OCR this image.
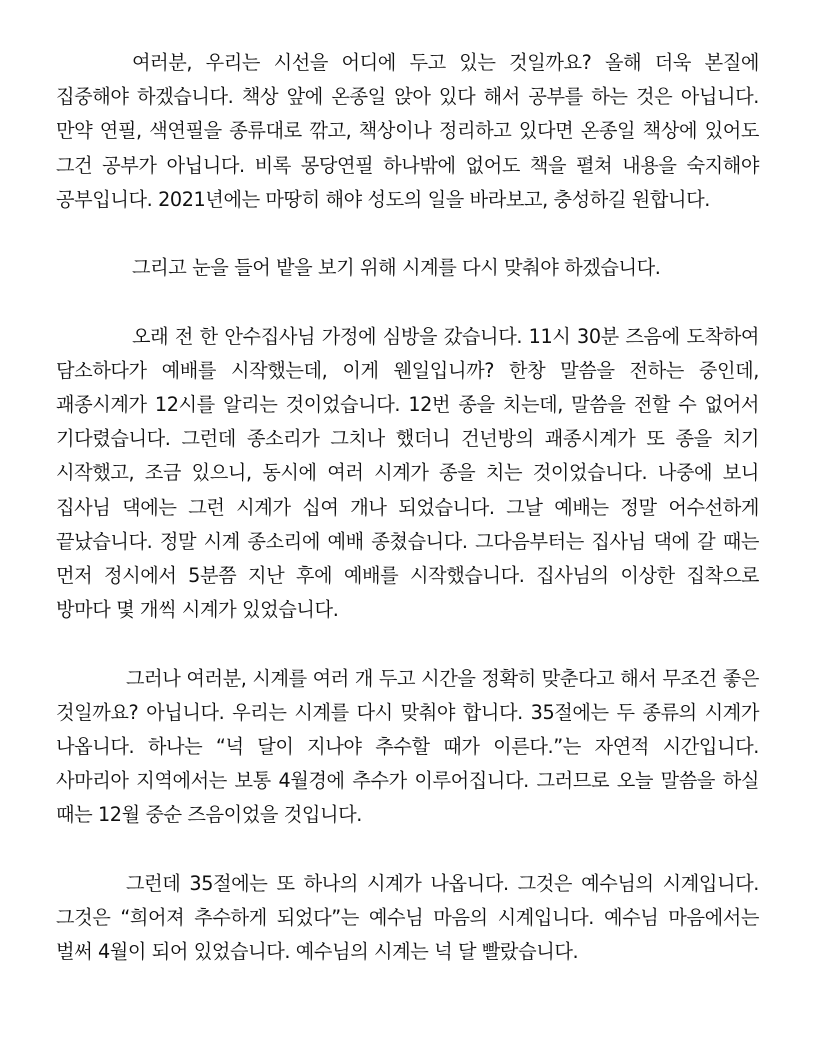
여러분, 우리는 시선을 어디에 두고 있는 것일까요? 올해 더욱 본질에 집중해야 하겠습니다. 책상 앞에 온종일 앉아 있다 해서 공부를 하는 것은 아닙니다. 만약 연필, 색연필을 종류대로 깎고, 책상이나 정리하고 있다면 온종일 책상에 있어도 그건 공부가 아닙니다. 비록 몽당연필 하나밖에 없어도 책을 펼쳐 내용을 숙지해야 공부입니다. 2021년에는 마땅히 해야 성도의 일을 바라보고, 충성하길 원합니다.

그리고 눈을 들어 밭을 보기 위해 시계를 다시 맞춰야 하겠습니다.

오래 전 한 안수집사님 가정에 심방을 갔습니다. 11시 30분 즈음에 도착하여 담소하다가 예배를 시작했는데, 이게 웬일입니까? 한창 말씀을 전하는 중인데, 괘종시계가 12시를 알리는 것이었습니다. 12번 종을 치는데, 말씀을 전할 수 없어서 기다렸습니다. 그런데 종소리가 그치나 했더니 건넌방의 괘종시계가 또 종을 치기 시작했고, 조금 있으니, 동시에 여러 시계가 종을 치는 것이었습니다. 나중에 보니 집사님 댁에는 그런 시계가 십여 개나 되었습니다. 그날 예배는 정말 어수선하게 끝났습니다. 정말 시계 종소리에 예배 종쳤습니다. 그다음부터는 집사님 댁에 갈 때는 먼저 정시에서 5분쯤 지난 후에 예배를 시작했습니다. 집사님의 이상한 집착으로 방마다 몇 개씩 시계가 있었습니다.

그러나 여러분, 시계를 여러 개 두고 시간을 정확히 맞춘다고 해서 무조건 좋은 것일까요? 아닙니다. 우리는 시계를 다시 맞춰야 합니다. 35절에는 두 종류의 시계가 나옵니다. 하나는 “넉 달이 지나야 추수할 때가 이른다.”는 자연적 시간입니다. 사마리아 지역에서는 보통 4월경에 추수가 이루어집니다. 그러므로 오늘 말씀을 하실 때는 12월 중순 즈음이었을 것입니다.

그런데 35절에는 또 하나의 시계가 나옵니다. 그것은 예수님의 시계입니다. 그것은 “희어져 추수하게 되었다”는 예수님 마음의 시계입니다. 예수님 마음에서는 벌써 4월이 되어 있었습니다. 예수님의 시계는 넉 달 빨랐습니다.
